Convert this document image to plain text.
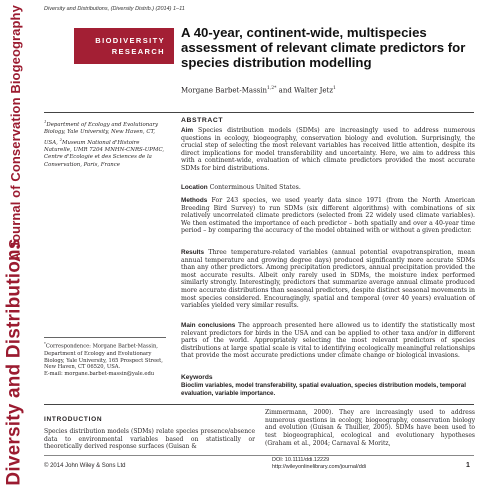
Diversity and Distributions, (Diversity Distrib.) (2014) 1–11
A Journal of Conservation Biogeography
Diversity and Distributions
BIODIVERSITY
RESEARCH
A 40-year, continent-wide, multispecies assessment of relevant climate predictors for species distribution modelling
Morgane Barbet-Massin$^{1,2*}$ and Walter Jetz$^1$
$^1$Department of Ecology and Evolutionary Biology, Yale University, New Haven, CT, USA, $^2$Museum National d'Histoire Naturelle, UMR 7204 MNHN-CNRS-UPMC, Centre d'Ecologie et des Sciences de la Conservation, Paris, France
ABSTRACT
Aim Species distribution models (SDMs) are increasingly used to address numerous questions in ecology, biogeography, conservation biology and evolution. Surprisingly, the crucial step of selecting the most relevant variables has received little attention, despite its direct implications for model transferability and uncertainty. Here, we aim to address this with a continent-wide, evaluation of which climate predictors provided the most accurate SDMs for bird distributions.
Location Conterminous United States.
Methods For 243 species, we used yearly data since 1971 (from the North American Breeding Bird Survey) to run SDMs (six different algorithms) with combinations of six relatively uncorrelated climate predictors (selected from 22 widely used climate variables). We then estimated the importance of each predictor – both spatially and over a 40-year time period – by comparing the accuracy of the model obtained with or without a given predictor.
Results Three temperature-related variables (annual potential evapotranspiration, mean annual temperature and growing degree days) produced significantly more accurate SDMs than any other predictors. Among precipitation predictors, annual precipitation provided the most accurate results. Albeit only rarely used in SDMs, the moisture index performed similarly strongly. Interestingly, predictors that summarize average annual climate produced more accurate distributions than seasonal predictors, despite distinct seasonal movements in most species considered. Encouragingly, spatial and temporal (over 40 years) evaluation of variables yielded very similar results.
Main conclusions The approach presented here allowed us to identify the statistically most relevant predictors for birds in the USA and can be applied to other taxa and/or in different parts of the world. Appropriately selecting the most relevant predictors of species distributions at large spatial scale is vital to identifying ecologically meaningful relationships that provide the most accurate predictions under climate change or biological invasions.
Keywords
Bioclim variables, model transferability, spatial evaluation, species distribution models, temporal evaluation, variable importance.
*Correspondence: Morgane Barbet-Massin, Department of Ecology and Evolutionary Biology, Yale University, 165 Prospect Street, New Haven, CT 06520, USA.
E-mail: morgane.barbet-massin@yale.edu
INTRODUCTION
Species distribution models (SDMs) relate species presence/absence data to environmental variables based on statistically or theoretically derived response surfaces (Guisan &
Zimmermann, 2000). They are increasingly used to address numerous questions in ecology, biogeography, conservation biology and evolution (Guisan & Thuiller, 2005). SDMs have been used to test biogeographical, ecological and evolutionary hypotheses (Graham et al., 2004; Carnaval & Moritz,
© 2014 John Wiley & Sons Ltd
DOI: 10.1111/ddi.12229
http://wileyonlinelibrary.com/journal/ddi	1
